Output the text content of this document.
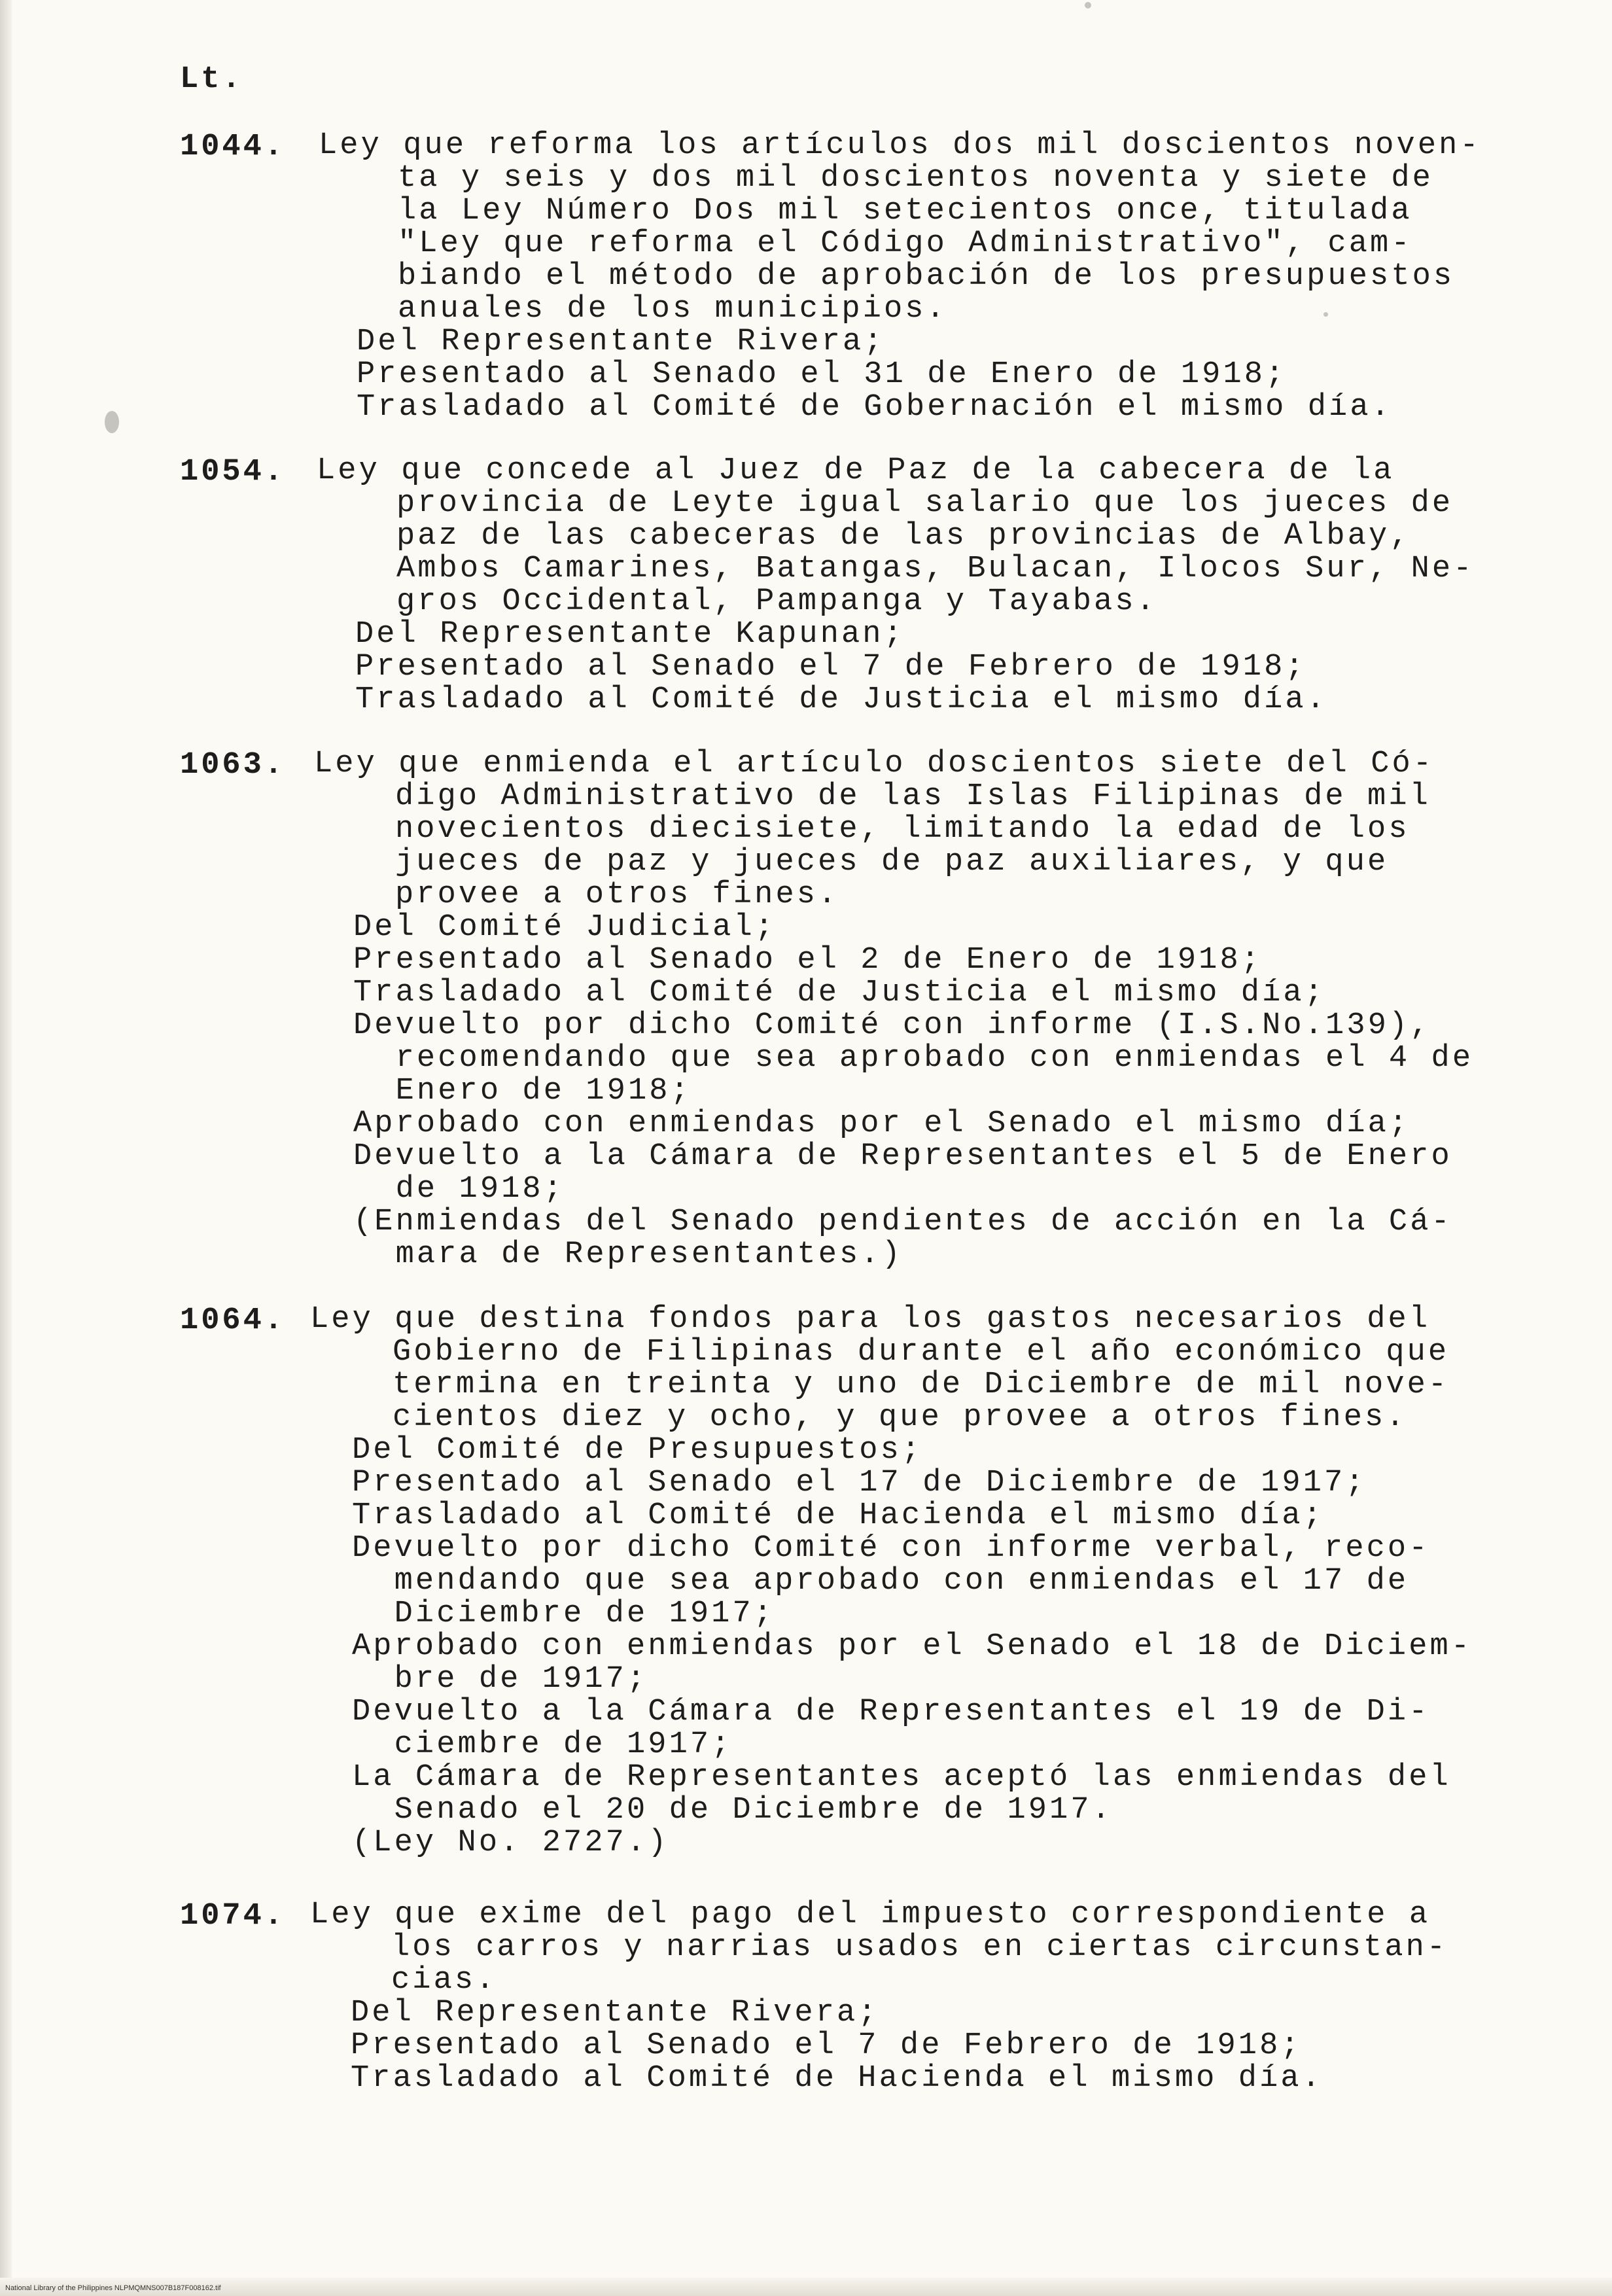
Lt.
1044. Ley que reforma los artículos dos mil doscientos noven-
ta y seis y dos mil doscientos noventa y siete de
la Ley Número Dos mil setecientos once, titulada
"Ley que reforma el Código Administrativo", cam-
biando el método de aprobación de los presupuestos
anuales de los municipios.
Del Representante Rivera;
Presentado al Senado el 31 de Enero de 1918;
Trasladado al Comité de Gobernación el mismo día.
1054. Ley que concede al Juez de Paz de la cabecera de la
provincia de Leyte igual salario que los jueces de
paz de las cabeceras de las provincias de Albay,
Ambos Camarines, Batangas, Bulacan, Ilocos Sur, Ne-
gros Occidental, Pampanga y Tayabas.
Del Representante Kapunan;
Presentado al Senado el 7 de Febrero de 1918;
Trasladado al Comité de Justicia el mismo día.
1063. Ley que enmienda el artículo doscientos siete del Có-
digo Administrativo de las Islas Filipinas de mil
novecientos diecisiete, limitando la edad de los
jueces de paz y jueces de paz auxiliares, y que
provee a otros fines.
Del Comité Judicial;
Presentado al Senado el 2 de Enero de 1918;
Trasladado al Comité de Justicia el mismo día;
Devuelto por dicho Comité con informe (I.S.No.139),
recomendando que sea aprobado con enmiendas el 4 de
Enero de 1918;
Aprobado con enmiendas por el Senado el mismo día;
Devuelto a la Cámara de Representantes el 5 de Enero
de 1918;
(Enmiendas del Senado pendientes de acción en la Cá-
mara de Representantes.)
1064. Ley que destina fondos para los gastos necesarios del
Gobierno de Filipinas durante el año económico que
termina en treinta y uno de Diciembre de mil nove-
cientos diez y ocho, y que provee a otros fines.
Del Comité de Presupuestos;
Presentado al Senado el 17 de Diciembre de 1917;
Trasladado al Comité de Hacienda el mismo día;
Devuelto por dicho Comité con informe verbal, reco-
mendando que sea aprobado con enmiendas el 17 de
Diciembre de 1917;
Aprobado con enmiendas por el Senado el 18 de Diciem-
bre de 1917;
Devuelto a la Cámara de Representantes el 19 de Di-
ciembre de 1917;
La Cámara de Representantes aceptó las enmiendas del
Senado el 20 de Diciembre de 1917.
(Ley No. 2727.)
1074. Ley que exime del pago del impuesto correspondiente a
los carros y narrias usados en ciertas circunstan-
cias.
Del Representante Rivera;
Presentado al Senado el 7 de Febrero de 1918;
Trasladado al Comité de Hacienda el mismo día.
National Library of the Philippines NLPMQMNS007B187F008162.tif
